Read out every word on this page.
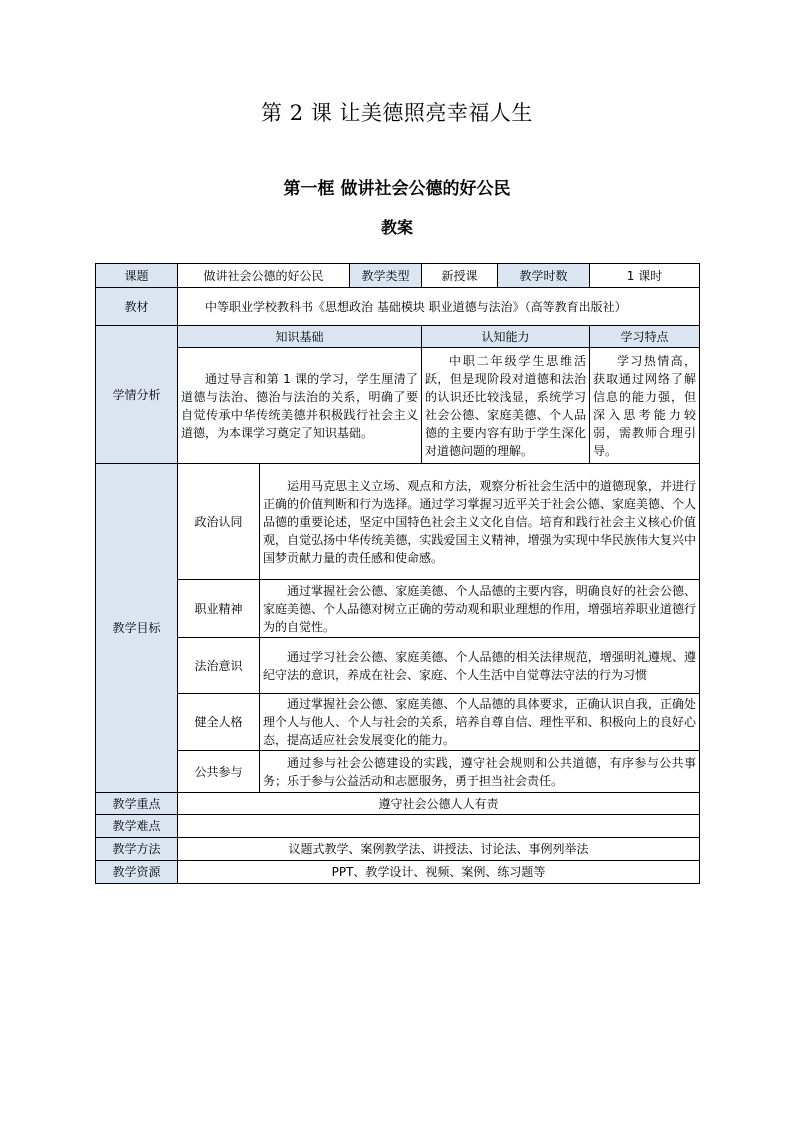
第 2 课 让美德照亮幸福人生
第一框 做讲社会公德的好公民
教案
课题	做讲社会公德的好公民		教学类型	新授课	教学时数	1 课时
教材	中等职业学校教科书《思想政治 基础模块 职业道德与法治》（高等教育出版社）					
学情分析	知识基础			认知能力		学习特点
	通过导言和第 1 课的学习，学生厘清了道德与法治、德治与法治的关系，明确了要自觉传承中华传统美德并积极践行社会主义道德，为本课学习奠定了知识基础。			中职二年级学生思维活跃，但是现阶段对道德和法治的认识还比较浅显，系统学习社会公德、家庭美德、个人品德的主要内容有助于学生深化对道德问题的理解。		学习热情高，获取通过网络了解信息的能力强，但深入思考能力较弱，需教师合理引导。
教学目标	政治认同	运用马克思主义立场、观点和方法，观察分析社会生活中的道德现象，并进行正确的价值判断和行为选择。通过学习掌握习近平关于社会公德、家庭美德、个人品德的重要论述，坚定中国特色社会主义文化自信。培育和践行社会主义核心价值观，自觉弘扬中华传统美德，实践爱国主义精神，增强为实现中华民族伟大复兴中国梦贡献力量的责任感和使命感。				
	职业精神	通过掌握社会公德、家庭美德、个人品德的主要内容，明确良好的社会公德、家庭美德、个人品德对树立正确的劳动观和职业理想的作用，增强培养职业道德行为的自觉性。				
	法治意识	通过学习社会公德、家庭美德、个人品德的相关法律规范，增强明礼遵规、遵纪守法的意识，养成在社会、家庭、个人生活中自觉尊法守法的行为习惯				
	健全人格	通过掌握社会公德、家庭美德、个人品德的具体要求，正确认识自我，正确处理个人与他人、个人与社会的关系，培养自尊自信、理性平和、积极向上的良好心态，提高适应社会发展变化的能力。				
	公共参与	通过参与社会公德建设的实践，遵守社会规则和公共道德，有序参与公共事务；乐于参与公益活动和志愿服务，勇于担当社会责任。				
教学重点	遵守社会公德人人有责					
教学难点						
教学方法	议题式教学、案例教学法、讲授法、讨论法、事例列举法					
教学资源	PPT、教学设计、视频、案例、练习题等					
